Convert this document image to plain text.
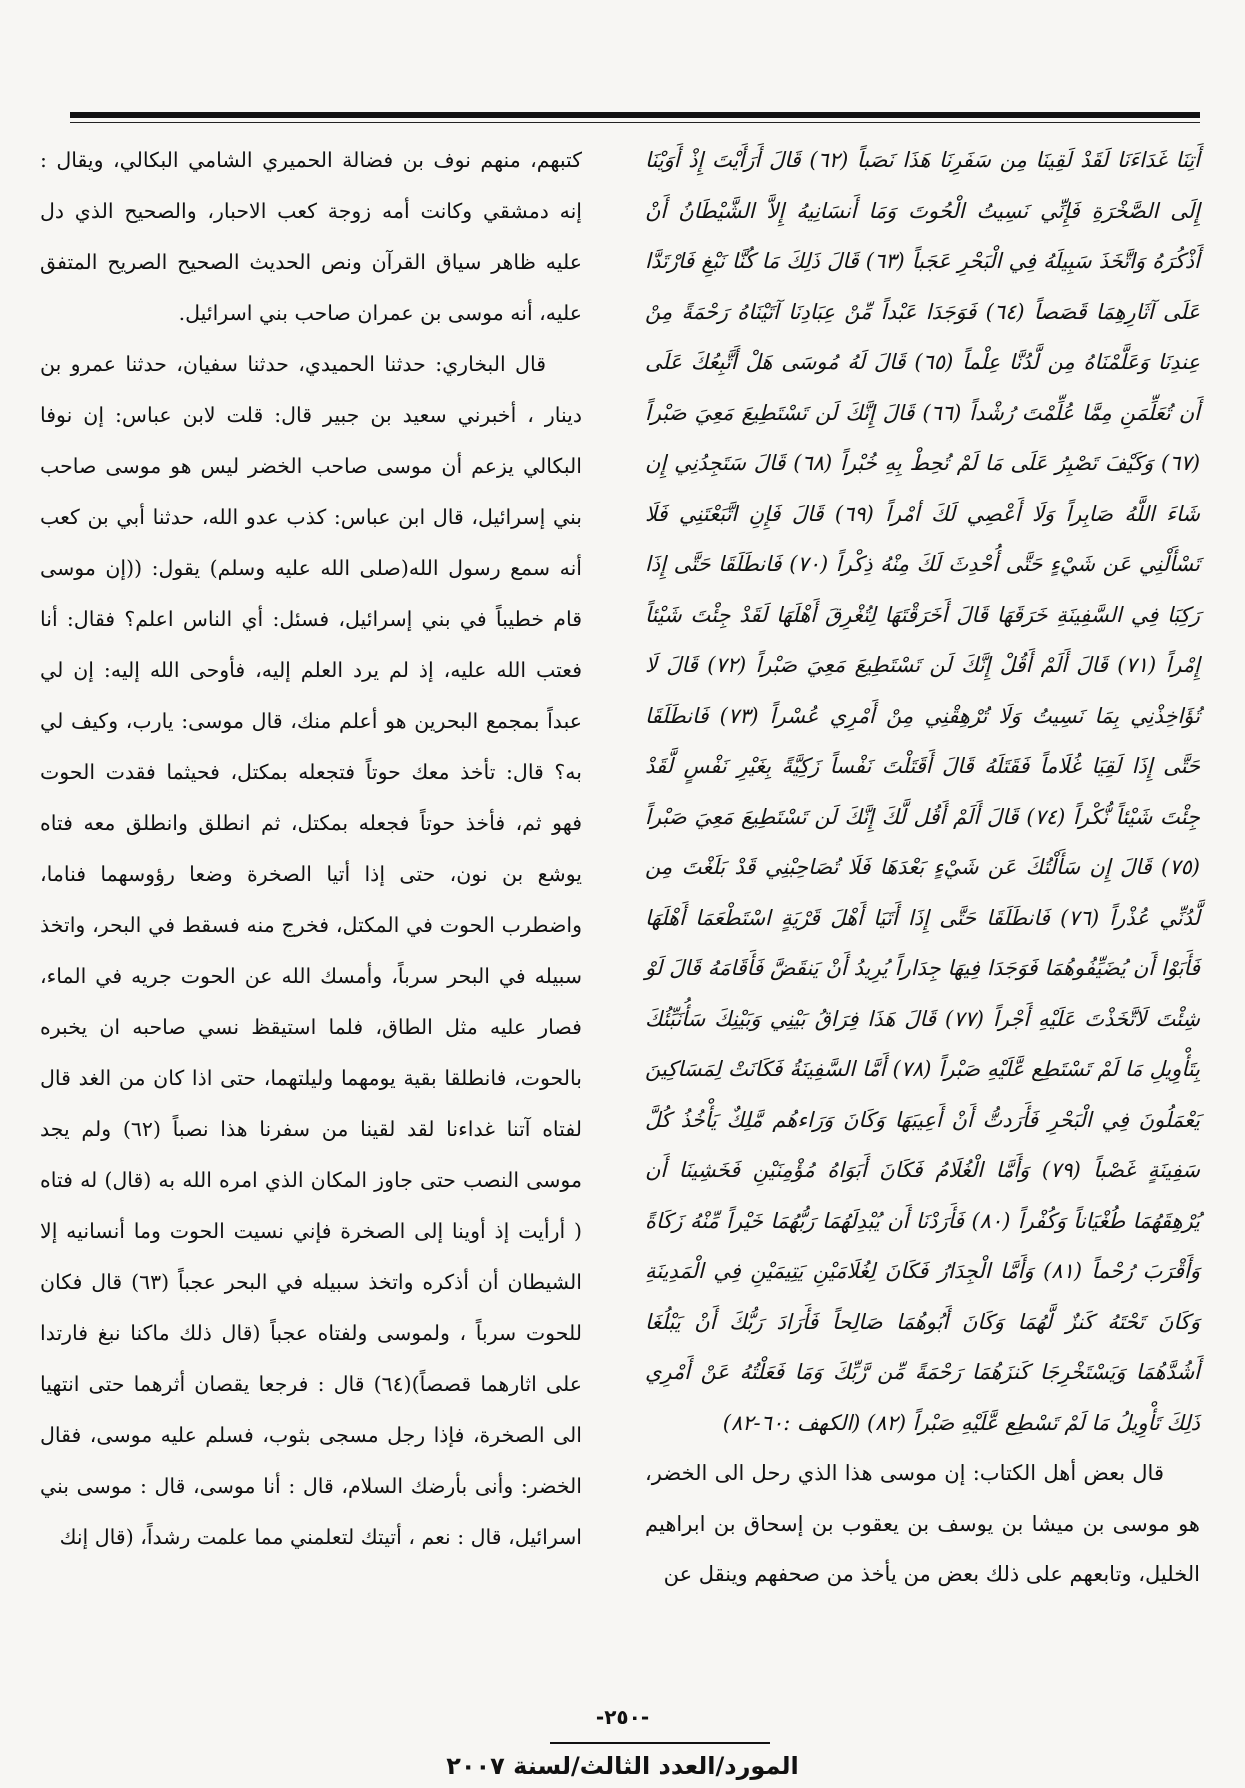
أَتِنَا غَدَاءَنَا لَقَدْ لَقِينَا مِن سَفَرِنَا هَذَا نَصَباً (٦٢) قَالَ أَرَأَيْتَ إِذْ أَوَيْنَا إِلَى الصَّخْرَةِ فَإِنِّي نَسِيتُ الْحُوتَ وَمَا أَنسَانِيهُ إِلاَّ الشَّيْطَانُ أَنْ أَذْكُرَهُ وَاتَّخَذَ سَبِيلَهُ فِي الْبَحْرِ عَجَباً (٦٣) قَالَ ذَلِكَ مَا كُنَّا نَبْغِ فَارْتَدَّا عَلَى آثَارِهِمَا قَصَصاً (٦٤) فَوَجَدَا عَبْداً مِّنْ عِبَادِنَا آتَيْنَاهُ رَحْمَةً مِنْ عِندِنَا وَعَلَّمْنَاهُ مِن لَّدُنَّا عِلْماً (٦٥) قَالَ لَهُ مُوسَى هَلْ أَتَّبِعُكَ عَلَى أَن تُعَلِّمَنِ مِمَّا عُلِّمْتَ رُشْداً (٦٦) قَالَ إِنَّكَ لَن تَسْتَطِيعَ مَعِيَ صَبْراً (٦٧) وَكَيْفَ تَصْبِرُ عَلَى مَا لَمْ تُحِطْ بِهِ خُبْراً (٦٨) قَالَ سَتَجِدُنِي إِن شَاءَ اللَّهُ صَابِراً وَلَا أَعْصِي لَكَ أمْراً (٦٩) قَالَ فَإِنِ اتَّبَعْتَنِي فَلَا تَسْأَلْنِي عَن شَيْءٍ حَتَّى أُحْدِثَ لَكَ مِنْهُ ذِكْراً (٧٠) فَانطَلَقَا حَتَّى إِذَا رَكِبَا فِي السَّفِينَةِ خَرَقَهَا قَالَ أَخَرَقْتَهَا لِتُغْرِقَ أَهْلَهَا لَقَدْ جِئْتَ شَيْئاً إِمْراً (٧١) قَالَ أَلَمْ أَقُلْ إِنَّكَ لَن تَسْتَطِيعَ مَعِيَ صَبْراً (٧٢) قَالَ لَا تُؤَاخِذْنِي بِمَا نَسِيتُ وَلَا تُرْهِقْنِي مِنْ أَمْرِي عُسْراً (٧٣) فَانطَلَقَا حَتَّى إِذَا لَقِيَا غُلَاماً فَقَتَلَهُ قَالَ أَقَتَلْتَ نَفْساً زَكِيَّةً بِغَيْرِ نَفْسٍ لَّقَدْ جِئْتَ شَيْئاً نُّكْراً (٧٤) قَالَ أَلَمْ أَقُل لَّكَ إِنَّكَ لَن تَسْتَطِيعَ مَعِيَ صَبْراً (٧٥) قَالَ إِن سَأَلْتُكَ عَن شَيْءٍ بَعْدَهَا فَلَا تُصَاحِبْنِي قَدْ بَلَغْتَ مِن لَّدُنِّي عُذْراً (٧٦) فَانطَلَقَا حَتَّى إِذَا أَتَيَا أَهْلَ قَرْيَةٍ اسْتَطْعَمَا أَهْلَهَا فَأَبَوْا أَن يُضَيِّفُوهُمَا فَوَجَدَا فِيهَا جِدَاراً يُرِيدُ أَنْ يَنقَضَّ فَأَقَامَهُ قَالَ لَوْ شِئْتَ لَاتَّخَذْتَ عَلَيْهِ أَجْراً (٧٧) قَالَ هَذَا فِرَاقُ بَيْنِي وَبَيْنِكَ سَأُنَبِّئُكَ بِتَأْوِيلِ مَا لَمْ تَسْتَطِع عَّلَيْهِ صَبْراً (٧٨) أَمَّا السَّفِينَةُ فَكَانَتْ لِمَسَاكِينَ يَعْمَلُونَ فِي الْبَحْرِ فَأَرَدتُّ أَنْ أَعِيبَهَا وَكَانَ وَرَاءهُم مَّلِكٌ يَأْخُذُ كُلَّ سَفِينَةٍ غَصْباً (٧٩) وَأَمَّا الْغُلَامُ فَكَانَ أَبَوَاهُ مُؤْمِنَيْنِ فَخَشِينَا أَن يُرْهِقَهُمَا طُغْيَاناً وَكُفْراً (٨٠) فَأَرَدْنَا أَن يُبْدِلَهُمَا رَبُّهُمَا خَيْراً مِّنْهُ زَكَاةً وَأَقْرَبَ رُحْماً (٨١) وَأَمَّا الْجِدَارُ فَكَانَ لِغُلَامَيْنِ يَتِيمَيْنِ فِي الْمَدِينَةِ وَكَانَ تَحْتَهُ كَنزٌ لَّهُمَا وَكَانَ أَبُوهُمَا صَالِحاً فَأَرَادَ رَبُّكَ أَنْ يَبْلُغَا أَشُدَّهُمَا وَيَسْتَخْرِجَا كَنزَهُمَا رَحْمَةً مِّن رَّبِّكَ وَمَا فَعَلْتُهُ عَنْ أَمْرِي ذَلِكَ تَأْوِيلُ مَا لَمْ تَسْطِع عَّلَيْهِ صَبْراً (٨٢) (الكهف :٦٠-٨٢)

قال بعض أهل الكتاب: إن موسى هذا الذي رحل الى الخضر، هو موسى بن ميشا بن يوسف بن يعقوب بن إسحاق بن ابراهيم الخليل، وتابعهم على ذلك بعض من يأخذ من صحفهم وينقل عن

كتبهم، منهم نوف بن فضالة الحميري الشامي البكالي، ويقال : إنه دمشقي وكانت أمه زوجة كعب الاحبار، والصحيح الذي دل عليه ظاهر سياق القرآن ونص الحديث الصحيح الصريح المتفق عليه، أنه موسى بن عمران صاحب بني اسرائيل.

قال البخاري: حدثنا الحميدي، حدثنا سفيان، حدثنا عمرو بن دينار ، أخبرني سعيد بن جبير قال: قلت لابن عباس: إن نوفا البكالي يزعم أن موسى صاحب الخضر ليس هو موسى صاحب بني إسرائيل، قال ابن عباس: كذب عدو الله، حدثنا أبي بن كعب أنه سمع رسول الله(صلى الله عليه وسلم) يقول: ((إن موسى قام خطيباً في بني إسرائيل، فسئل: أي الناس اعلم؟ فقال: أنا فعتب الله عليه، إذ لم يرد العلم إليه، فأوحى الله إليه: إن لي عبداً بمجمع البحرين هو أعلم منك، قال موسى: يارب، وكيف لي به؟ قال: تأخذ معك حوتاً فتجعله بمكتل، فحيثما فقدت الحوت فهو ثم، فأخذ حوتاً فجعله بمكتل، ثم انطلق وانطلق معه فتاه يوشع بن نون، حتى إذا أتيا الصخرة وضعا رؤوسهما فناما، واضطرب الحوت في المكتل، فخرج منه فسقط في البحر، واتخذ سبيله في البحر سرباً، وأمسك الله عن الحوت جريه في الماء، فصار عليه مثل الطاق، فلما استيقظ نسي صاحبه ان يخبره بالحوت، فانطلقا بقية يومهما وليلتهما، حتى اذا كان من الغد قال لفتاه آتنا غداءنا لقد لقينا من سفرنا هذا نصباً (٦٢) ولم يجد موسى النصب حتى جاوز المكان الذي امره الله به (قال) له فتاه ( أرأيت إذ أوينا إلى الصخرة فإني نسيت الحوت وما أنسانيه إلا الشيطان أن أذكره واتخذ سبيله في البحر عجباً (٦٣) قال فكان للحوت سرباً ، ولموسى ولفتاه عجباً (قال ذلك ماكنا نبغ فارتدا على اثارهما قصصاً)(٦٤) قال : فرجعا يقصان أثرهما حتى انتهيا الى الصخرة، فإذا رجل مسجى بثوب، فسلم عليه موسى، فقال الخضر: وأنى بأرضك السلام، قال : أنا موسى، قال : موسى بني اسرائيل، قال : نعم ، أتيتك لتعلمني مما علمت رشداً، (قال إنك

-٢٥٠-
المورد/العدد الثالث/لسنة ٢٠٠٧
